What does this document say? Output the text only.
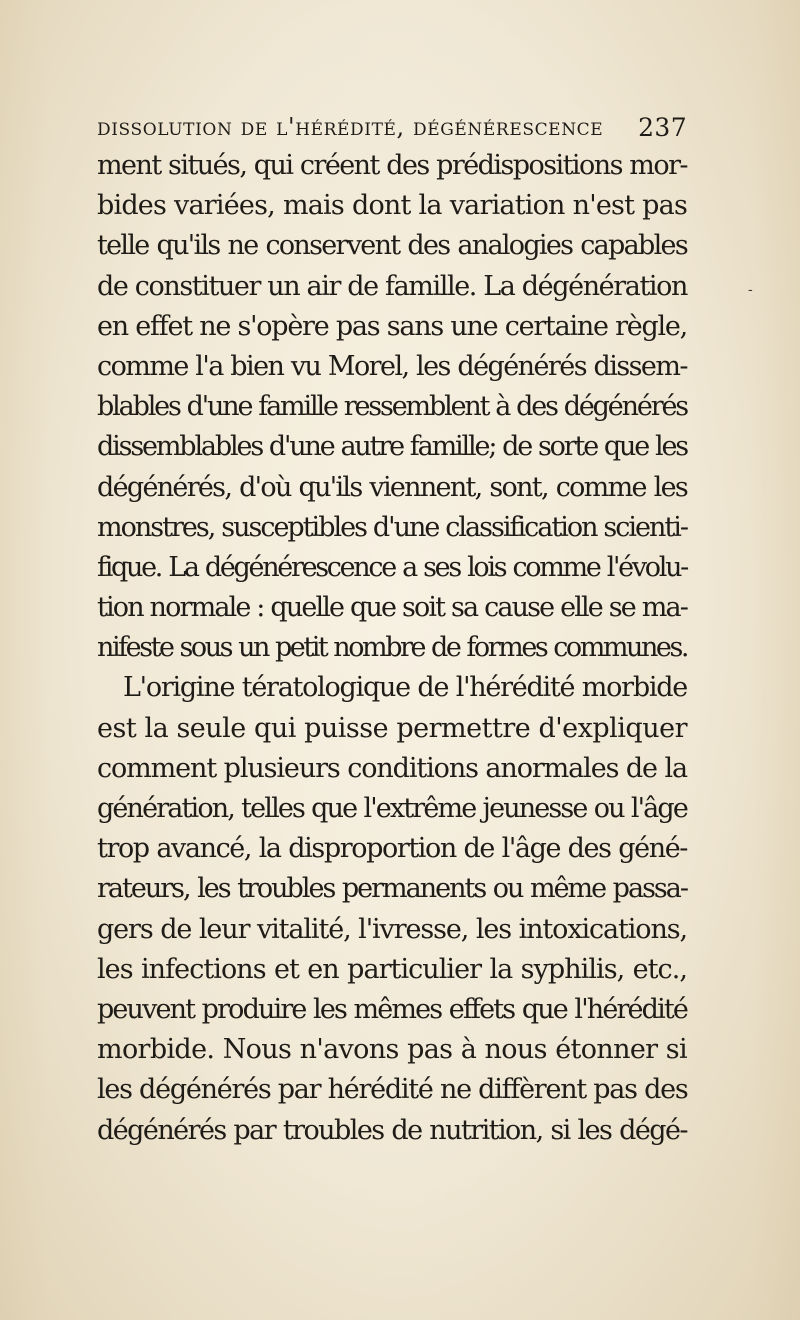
dissolution de l'hérédité, dégénérescence 237
-
ment situés, qui créent des prédispositions mor-
bides variées, mais dont la variation n'est pas
telle qu'ils ne conservent des analogies capables
de constituer un air de famille. La dégénération
en effet ne s'opère pas sans une certaine règle,
comme l'a bien vu Morel, les dégénérés dissem-
blables d'une famille ressemblent à des dégénérés
dissemblables d'une autre famille; de sorte que les
dégénérés, d'où qu'ils viennent, sont, comme les
monstres, susceptibles d'une classification scienti-
fique. La dégénérescence a ses lois comme l'évolu-
tion normale : quelle que soit sa cause elle se ma-
nifeste sous un petit nombre de formes communes.
L'origine tératologique de l'hérédité morbide
est la seule qui puisse permettre d'expliquer
comment plusieurs conditions anormales de la
génération, telles que l'extrême jeunesse ou l'âge
trop avancé, la disproportion de l'âge des géné-
rateurs, les troubles permanents ou même passa-
gers de leur vitalité, l'ivresse, les intoxications,
les infections et en particulier la syphilis, etc.,
peuvent produire les mêmes effets que l'hérédité
morbide. Nous n'avons pas à nous étonner si
les dégénérés par hérédité ne diffèrent pas des
dégénérés par troubles de nutrition, si les dégé-
